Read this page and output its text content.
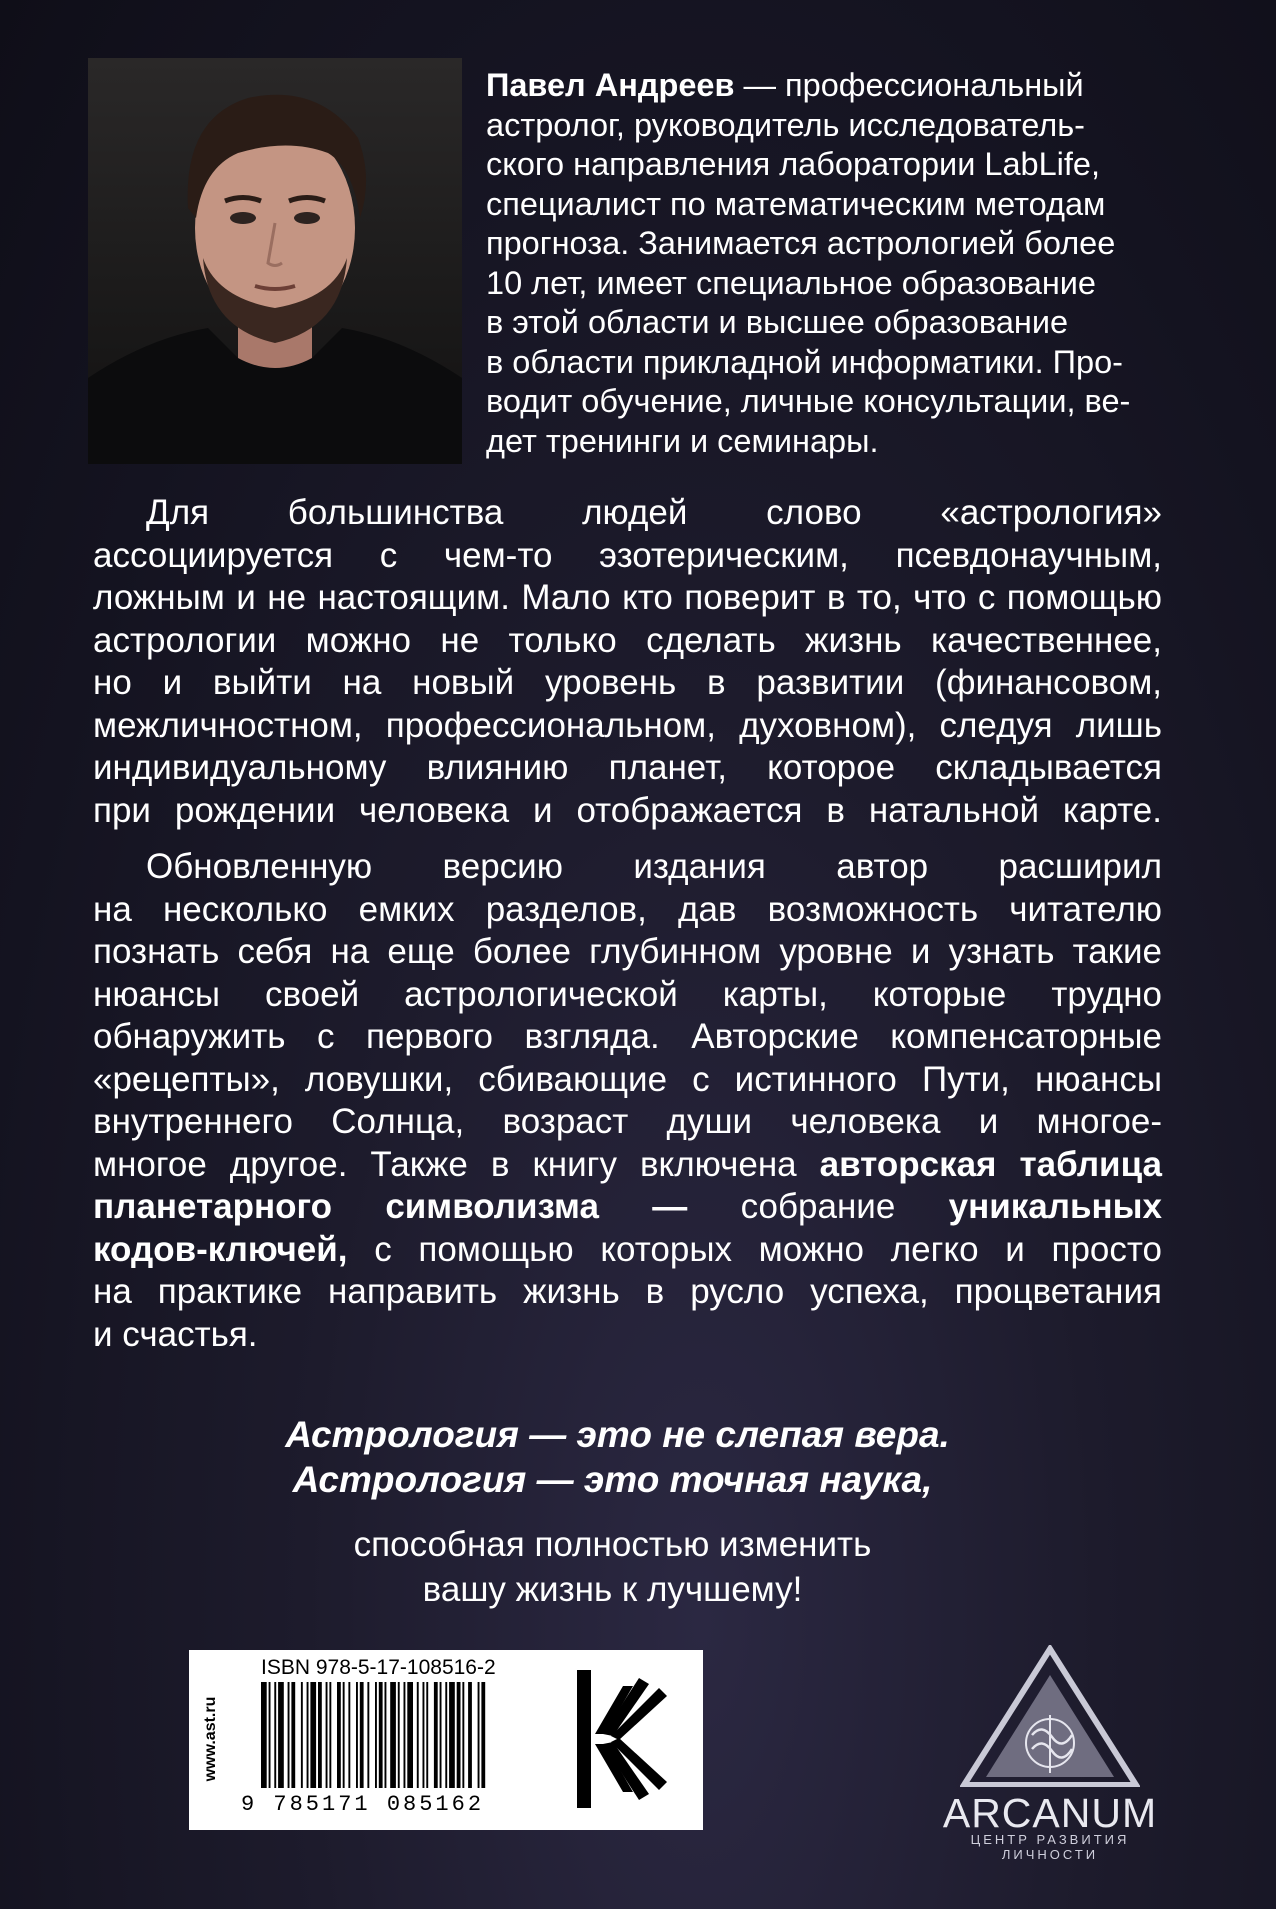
Павел Андреев — профессиональный
астролог, руководитель исследователь-
ского направления лаборатории LabLife,
специалист по математическим методам
прогноза. Занимается астрологией более
10 лет, имеет специальное образование
в этой области и высшее образование
в области прикладной информатики. Про-
водит обучение, личные консультации, ве-
дет тренинги и семинары.
Для большинства людей слово «астрология»
ассоциируется с чем-то эзотерическим, псевдонаучным,
ложным и не настоящим. Мало кто поверит в то, что с помощью
астрологии можно не только сделать жизнь качественнее,
но и выйти на новый уровень в развитии (финансовом,
межличностном, профессиональном, духовном), следуя лишь
индивидуальному влиянию планет, которое складывается
при рождении человека и отображается в натальной карте.
Обновленную версию издания автор расширил
на несколько емких разделов, дав возможность читателю
познать себя на еще более глубинном уровне и узнать такие
нюансы своей астрологической карты, которые трудно
обнаружить с первого взгляда. Авторские компенсаторные
«рецепты», ловушки, сбивающие с истинного Пути, нюансы
внутреннего Солнца, возраст души человека и многое-
многое другое. Также в книгу включена авторская таблица
планетарного символизма — собрание уникальных
кодов-ключей, с помощью которых можно легко и просто
на практике направить жизнь в русло успеха, процветания
и счастья.
Астрология — это не слепая вера.
Астрология — это точная наука,
способная полностью изменить
вашу жизнь к лучшему!
www.ast.ru
ISBN 978-5-17-108516-2
9 785171 085162	ARCANUM
ЦЕНТР РАЗВИТИЯ ЛИЧНОСТИ
